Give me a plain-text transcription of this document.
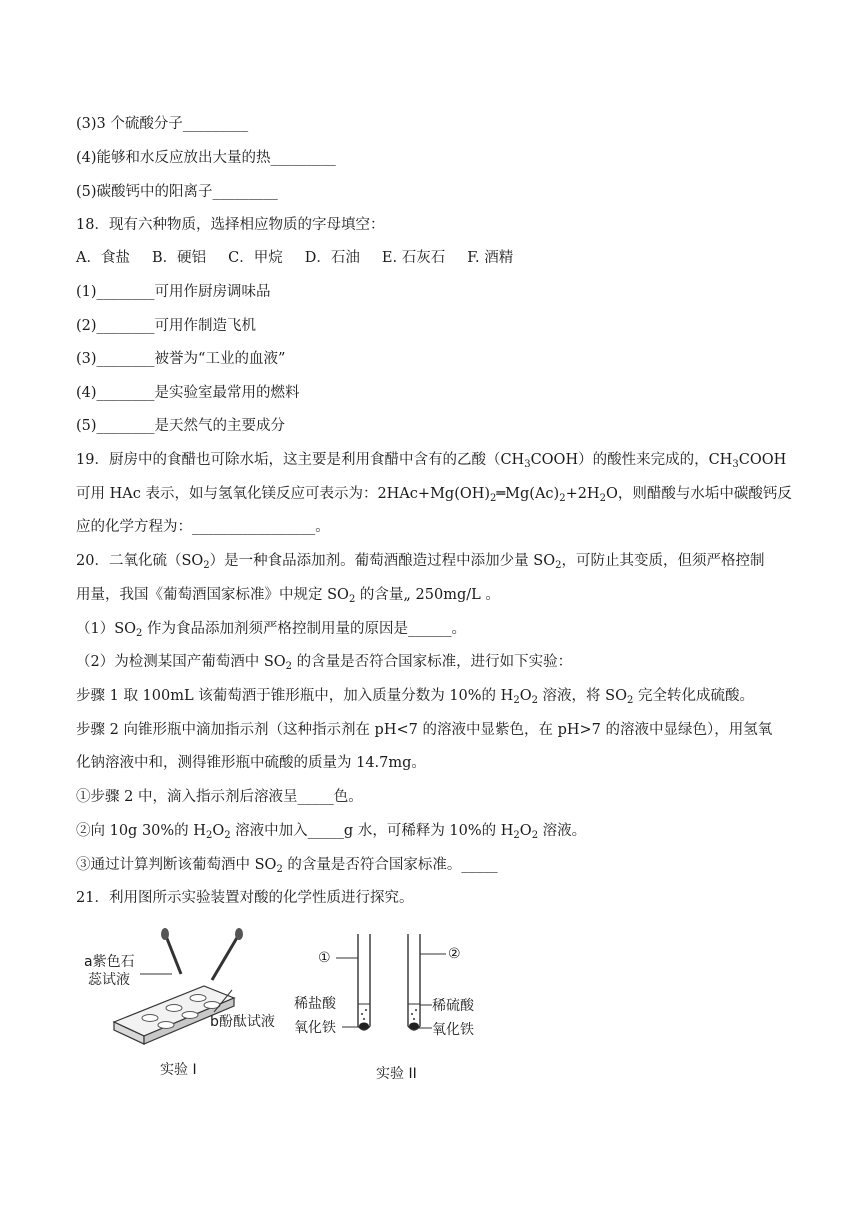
(3)3 个硫酸分子_________
(4)能够和水反应放出大量的热_________
(5)碳酸钙中的阳离子_________
18．现有六种物质，选择相应物质的字母填空：
A．食盐 B．硬铝 C．甲烷 D．石油 E. 石灰石 F. 酒精
(1)________可用作厨房调味品
(2)________可用作制造飞机
(3)________被誉为“工业的血液”
(4)________是实验室最常用的燃料
(5)________是天然气的主要成分
19．厨房中的食醋也可除水垢，这主要是利用食醋中含有的乙酸$(CH_3COOH)$的酸性来完成的，$CH_3COOH$
可用 HAc 表示，如与氢氧化镁反应可表示为：$2HAc+Mg(OH)_2═Mg(Ac)_2+2H_2O$，则醋酸与水垢中碳酸钙反
应的化学方程为：_________________。
20．二氧化硫$(SO_2)$是一种食品添加剂。葡萄酒酿造过程中添加少量 $SO_2$，可防止其变质，但须严格控制
用量，我国《葡萄酒国家标准》中规定 $SO_2$ 的含量„ 250mg/L 。
$(1)SO_2$ 作为食品添加剂须严格控制用量的原因是______。
（2）为检测某国产葡萄酒中 $SO_2$ 的含量是否符合国家标准，进行如下实验：
步骤 1 取 100mL 该葡萄酒于锥形瓶中，加入质量分数为 10%的 $H_2O_2$ 溶液，将 $SO_2$ 完全转化成硫酸。
步骤 2 向锥形瓶中滴加指示剂（这种指示剂在 pH<7 的溶液中显紫色，在 pH>7 的溶液中显绿色），用氢氧
化钠溶液中和，测得锥形瓶中硫酸的质量为 14.7mg。
①步骤 2 中，滴入指示剂后溶液呈_____色。
②向 10g 30%的 $H_2O_2$ 溶液中加入_____g 水，可稀释为 10%的 $H_2O_2$ 溶液。
③通过计算判断该葡萄酒中 $SO_2$ 的含量是否符合国家标准。_____
21．利用图所示实验装置对酸的化学性质进行探究。
a紫色石
蕊试液
b酚酞试液
实验 I
①
稀盐酸
氧化铁
②
稀硫酸
氧化铁
实验 II
